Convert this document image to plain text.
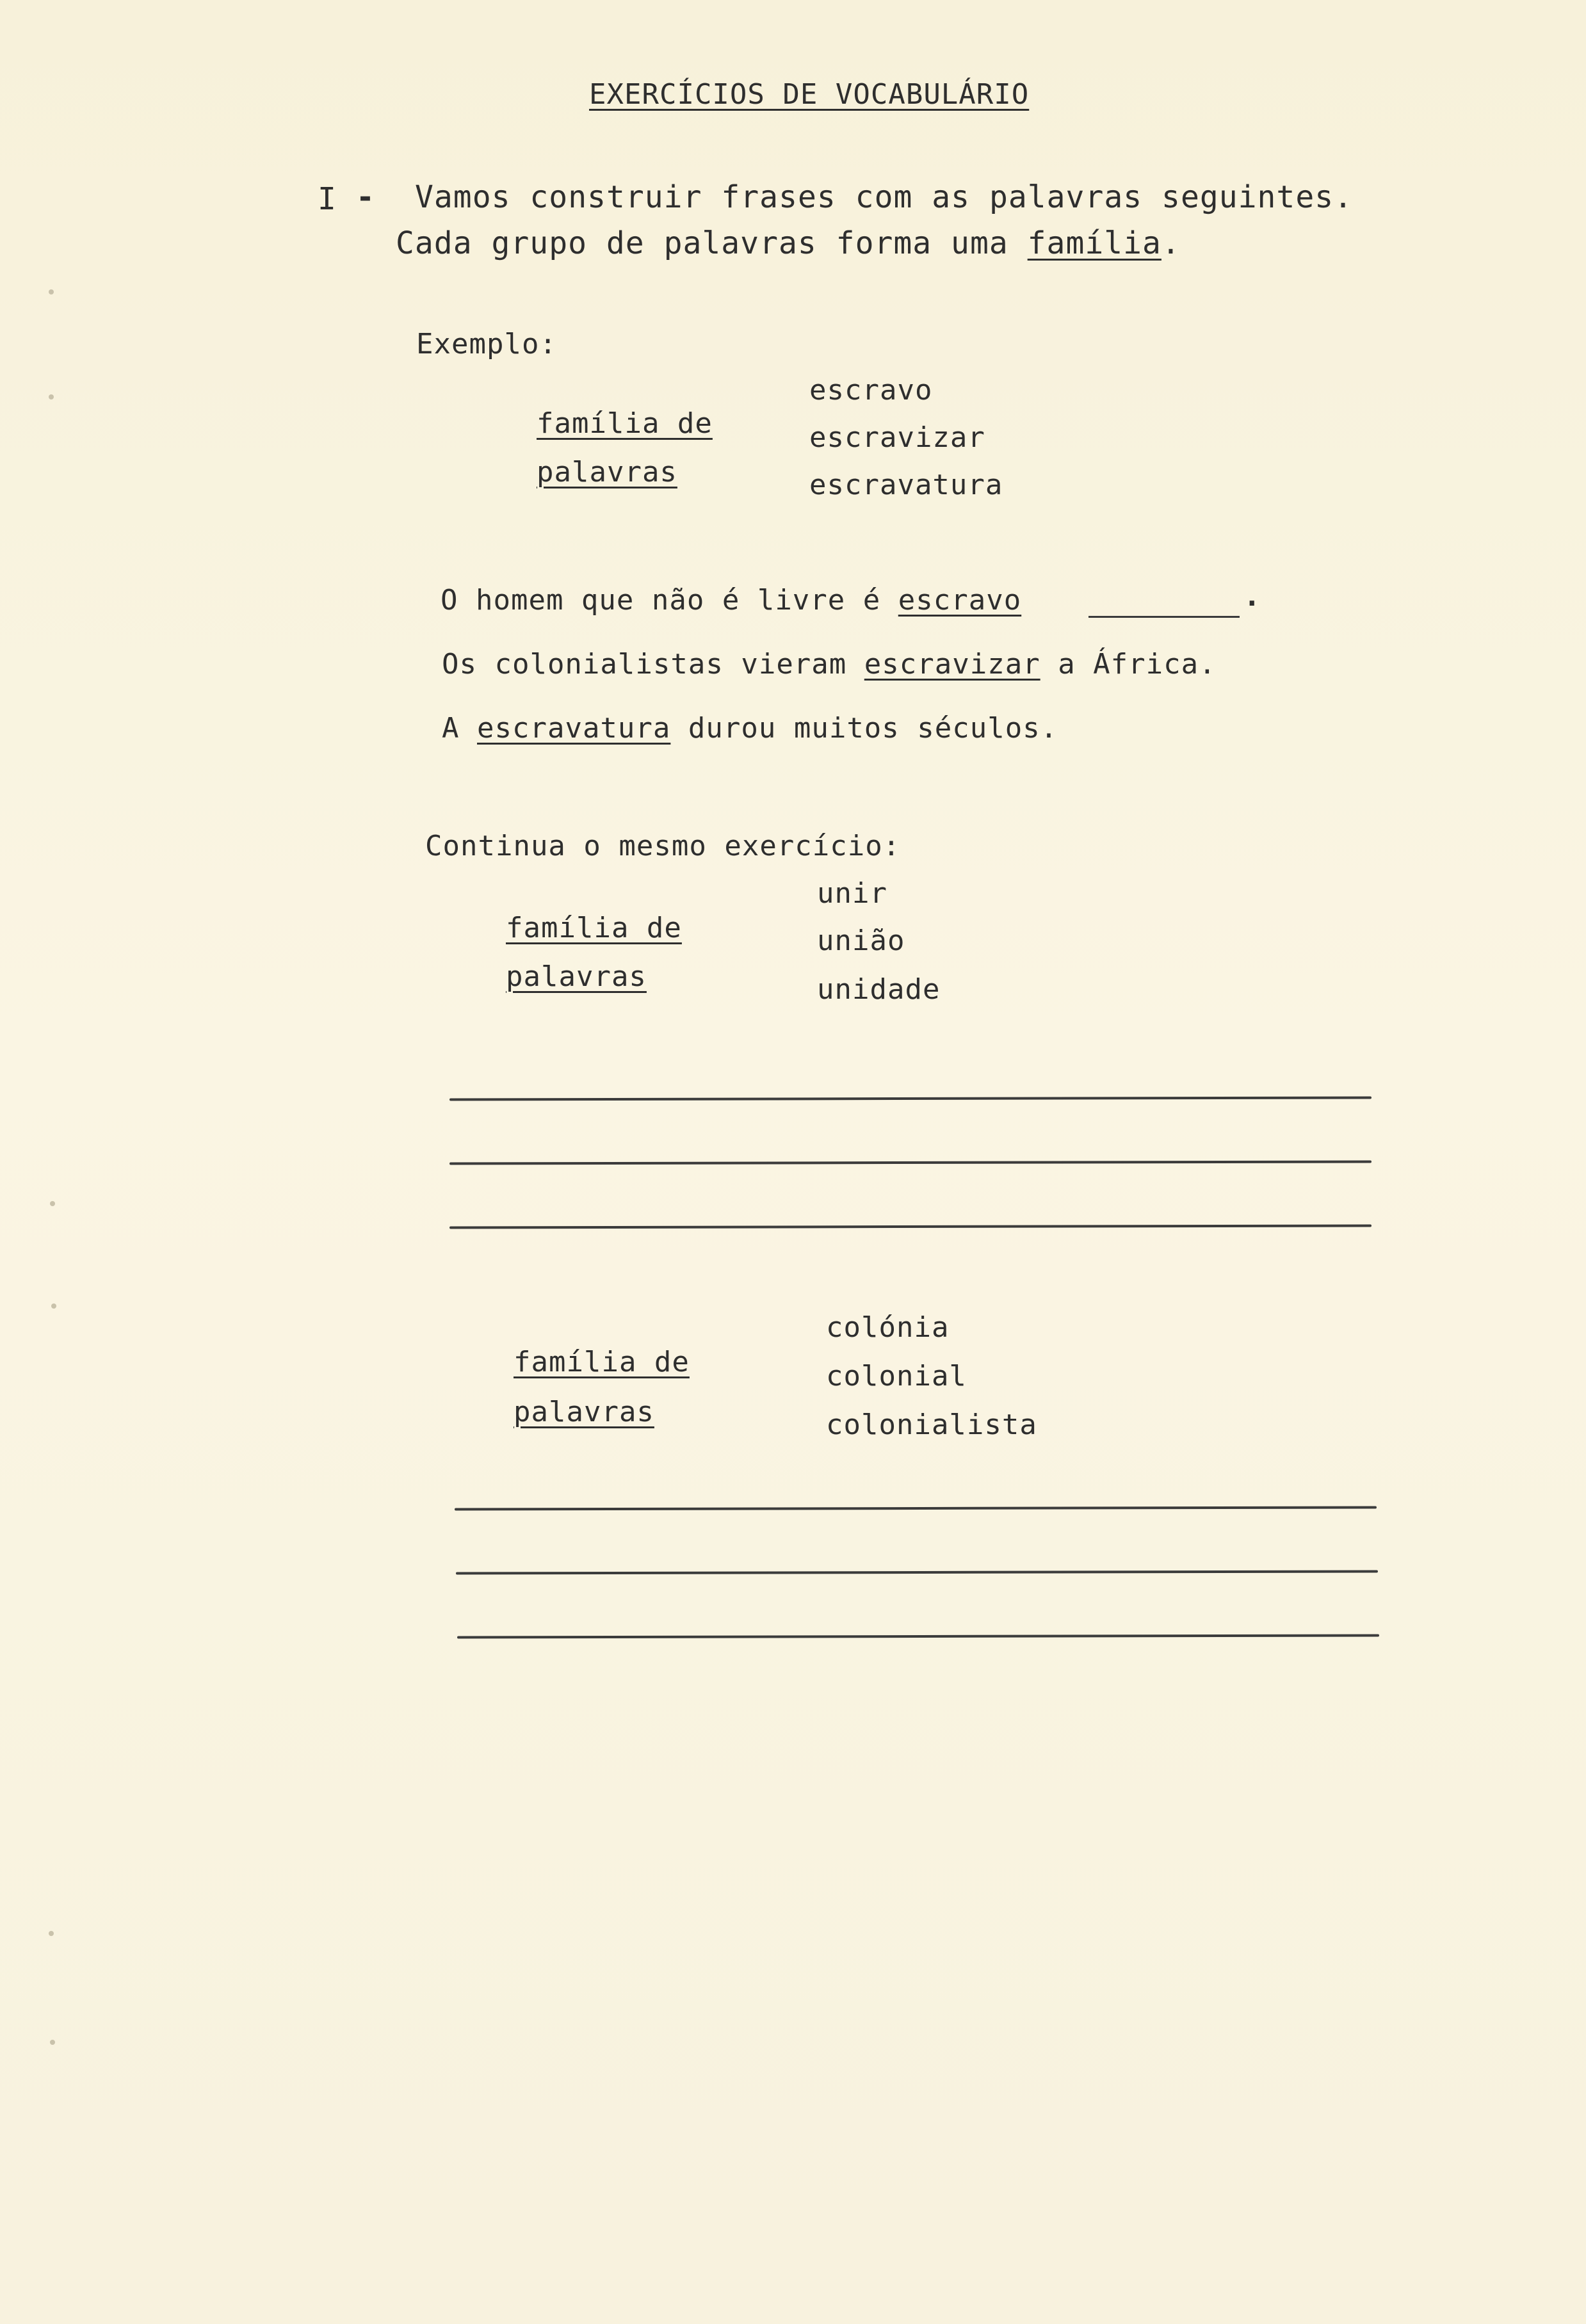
EXERCÍCIOS DE VOCABULÁRIO
I - Vamos construir frases com as palavras seguintes.
Cada grupo de palavras forma uma família.
Exemplo:
família de
palavras
escravo
escravizar
escravatura
O homem que não é livre é escravo	.
Os colonialistas vieram escravizar a África.
A escravatura durou muitos séculos.
Continua o mesmo exercício:
família de
palavras
unir
união
unidade
família de
palavras
colónia
colonial
colonialista
